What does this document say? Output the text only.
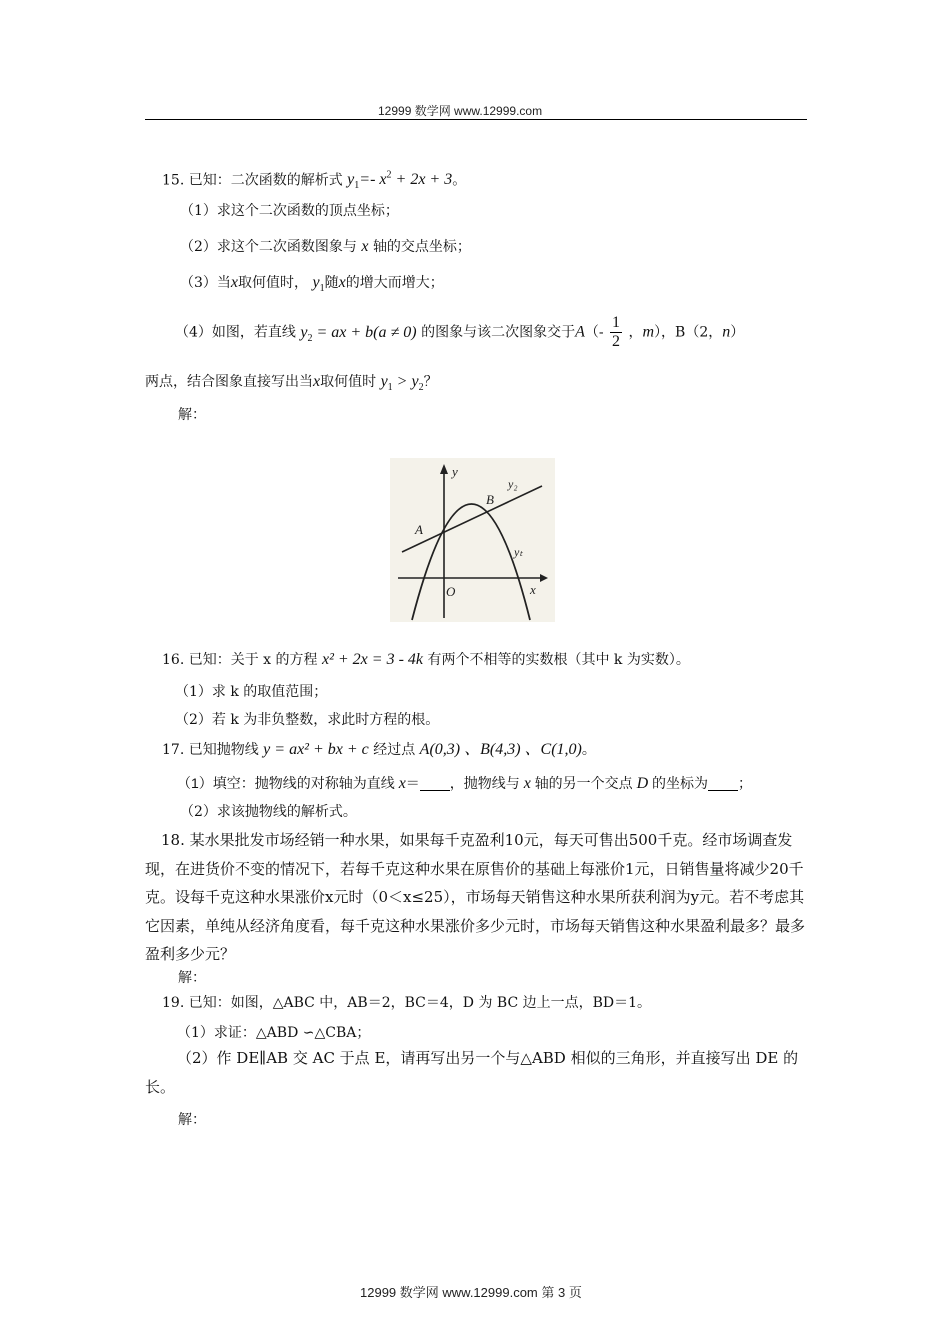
12999 数学网 www.12999.com
15. 已知：二次函数的解析式 $y_1=-$ $x^2 + 2x + 3$。
（1）求这个二次函数的顶点坐标；
（2）求这个二次函数图象与 x 轴的交点坐标；
（3）当x取何值时， $y_1$随x的增大而增大；
（4）如图，若直线 $y_2$ = ax + b(a ≠ 0) 的图象与该二次图象交于$A(- \frac{1}{2}$ ，m），B（2，n）
两点，结合图象直接写出当x取何值时 $y_1 > y_2$？
解：
y
x
O
A
B
y₂
yₜ
16. 已知：关于 x 的方程 x² + 2x = 3 - 4k 有两个不相等的实数根（其中 k 为实数）。
（1）求 k 的取值范围；
（2）若 k 为非负整数，求此时方程的根。
17. 已知抛物线 y = ax² + bx + c 经过点 A(0,3) 、B(4,3) 、C(1,0)。
（1）填空：抛物线的对称轴为直线 x＝ ，抛物线与 x 轴的另一个交点 D 的坐标为 ；
（2）求该抛物线的解析式。
18. 某水果批发市场经销一种水果，如果每千克盈利10元，每天可售出500千克。经市场调查发现，在进货价不变的情况下，若每千克这种水果在原售价的基础上每涨价1元，日销售量将减少20千克。设每千克这种水果涨价x元时（0＜x≤25），市场每天销售这种水果所获利润为y元。若不考虑其它因素，单纯从经济角度看，每千克这种水果涨价多少元时，市场每天销售这种水果盈利最多？最多盈利多少元？
解：
19. 已知：如图，△ABC 中，AB＝2，BC＝4，D 为 BC 边上一点，BD＝1。
（1）求证：△ABD ∽△CBA；
（2）作 DE∥AB 交 AC 于点 E，请再写出另一个与△ABD 相似的三角形，并直接写出 DE 的长。
解：
12999 数学网 www.12999.com 第 3 页
